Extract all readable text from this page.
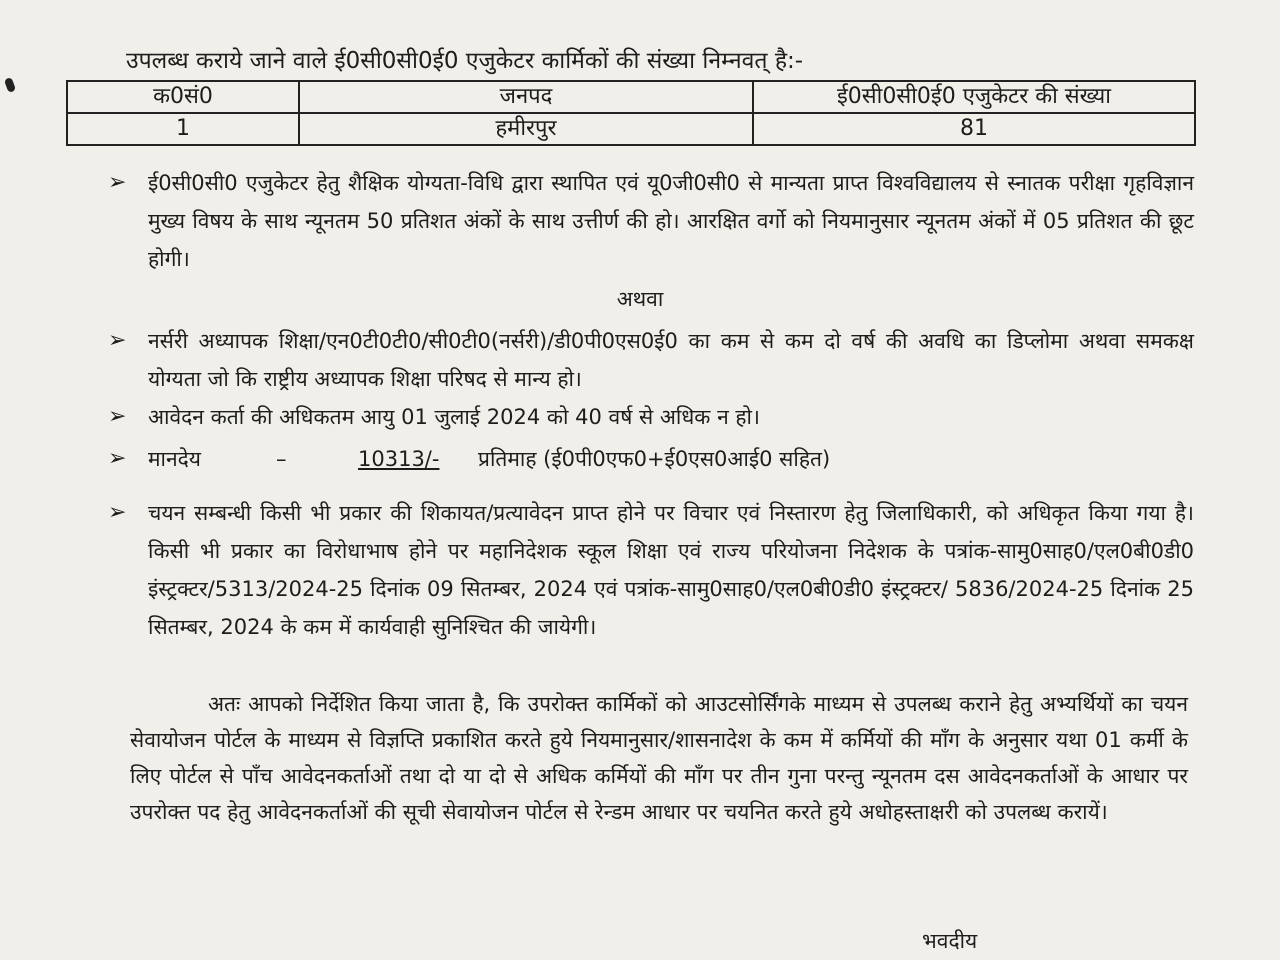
उपलब्ध कराये जाने वाले ई0सी0सी0ई0 एजुकेटर कार्मिकों की संख्या निम्नवत् है:-
क0सं0	जनपद	ई0सी0सी0ई0 एजुकेटर की संख्या
1	हमीरपुर	81
➢	ई0सी0सी0 एजुकेटर हेतु शैक्षिक योग्यता-विधि द्वारा स्थापित एवं यू0जी0सी0 से मान्यता प्राप्त विश्वविद्यालय से स्नातक परीक्षा गृहविज्ञान मुख्य विषय के साथ न्यूनतम 50 प्रतिशत अंकों के साथ उत्तीर्ण की हो। आरक्षित वर्गो को नियमानुसार न्यूनतम अंकों में 05 प्रतिशत की छूट होगी।
अथवा
➢	नर्सरी अध्यापक शिक्षा/एन0टी0टी0/सी0टी0(नर्सरी)/डी0पी0एस0ई0 का कम से कम दो वर्ष की अवधि का डिप्लोमा अथवा समकक्ष योग्यता जो कि राष्ट्रीय अध्यापक शिक्षा परिषद से मान्य हो।
➢	आवेदन कर्ता की अधिकतम आयु 01 जुलाई 2024 को 40 वर्ष से अधिक न हो।
➢	मानदेय	–	10313/- प्रतिमाह (ई0पी0एफ0+ई0एस0आई0 सहित)
➢	चयन सम्बन्धी किसी भी प्रकार की शिकायत/प्रत्यावेदन प्राप्त होने पर विचार एवं निस्तारण हेतु जिलाधिकारी, को अधिकृत किया गया है। किसी भी प्रकार का विरोधाभाष होने पर महानिदेशक स्कूल शिक्षा एवं राज्य परियोजना निदेशक के पत्रांक-सामु0साह0/एल0बी0डी0 इंस्ट्रक्टर/5313/2024-25 दिनांक 09 सितम्बर, 2024 एवं पत्रांक-सामु0साह0/एल0बी0डी0 इंस्ट्रक्टर/ 5836/2024-25 दिनांक 25 सितम्बर, 2024 के कम में कार्यवाही सुनिश्चित की जायेगी।
अतः आपको निर्देशित किया जाता है, कि उपरोक्त कार्मिकों को आउटसोर्सिंगके माध्यम से उपलब्ध कराने हेतु अभ्यर्थियों का चयन सेवायोजन पोर्टल के माध्यम से विज्ञप्ति प्रकाशित करते हुये नियमानुसार/शासनादेश के कम में कर्मियों की माँग के अनुसार यथा 01 कर्मी के लिए पोर्टल से पाँच आवेदनकर्ताओं तथा दो या दो से अधिक कर्मियों की माँग पर तीन गुना परन्तु न्यूनतम दस आवेदनकर्ताओं के आधार पर उपरोक्त पद हेतु आवेदनकर्ताओं की सूची सेवायोजन पोर्टल से रेन्डम आधार पर चयनित करते हुये अधोहस्ताक्षरी को उपलब्ध करायें।
भवदीय
